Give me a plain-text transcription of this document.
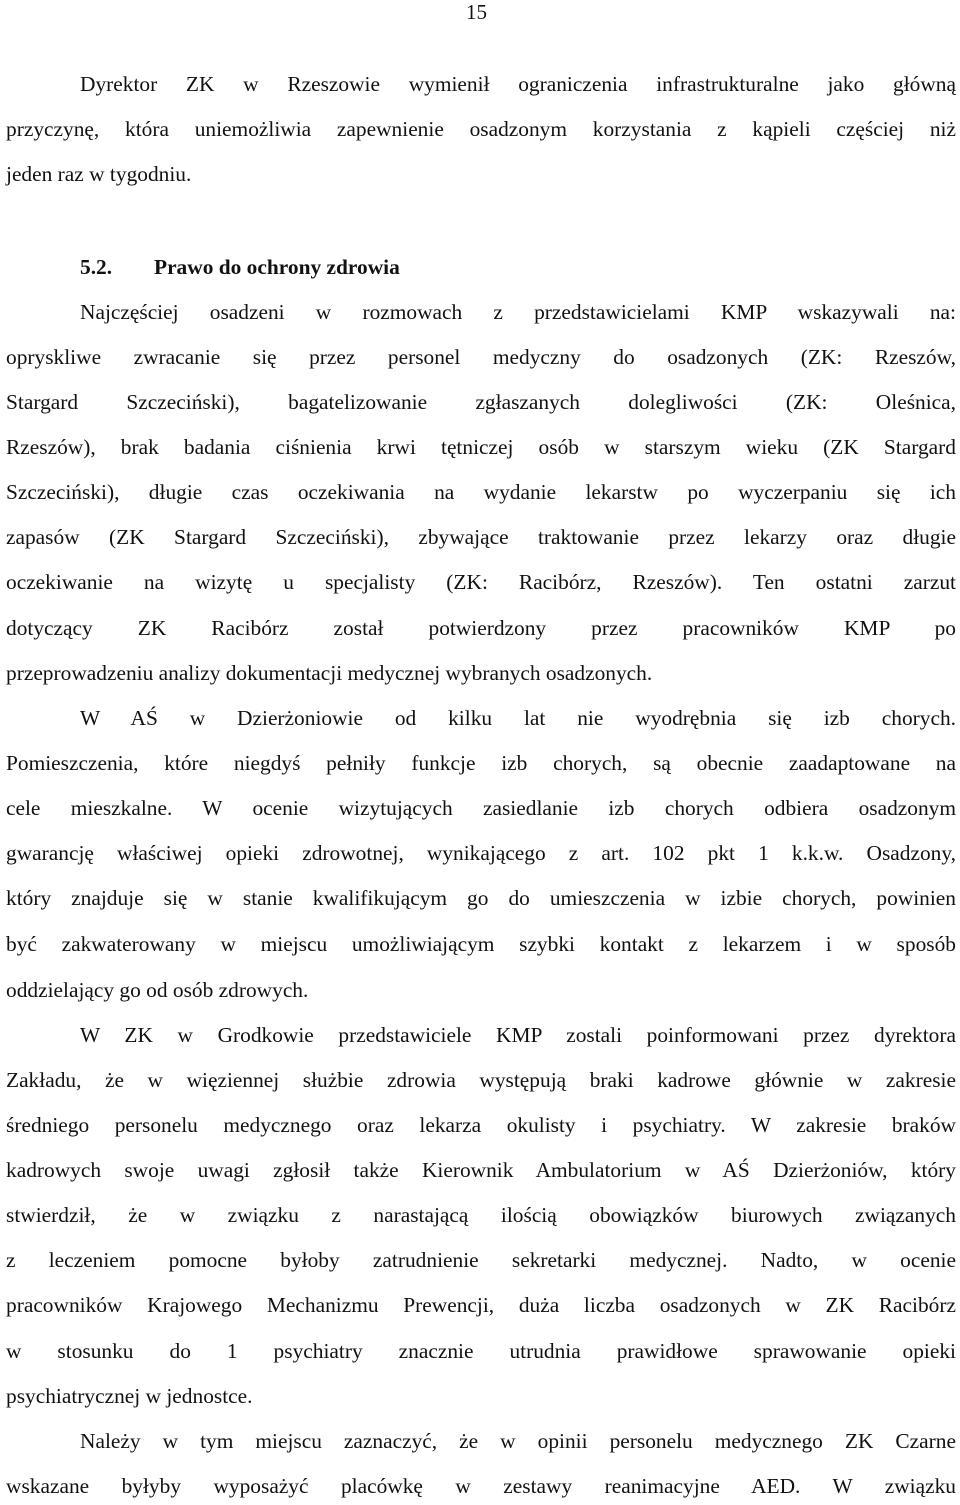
15
Dyrektor ZK w Rzeszowie wymienił ograniczenia infrastrukturalne jako główną
przyczynę, która uniemożliwia zapewnienie osadzonym korzystania z kąpieli częściej niż
jeden raz w tygodniu.
5.2. Prawo do ochrony zdrowia
Najczęściej osadzeni w rozmowach z przedstawicielami KMP wskazywali na:
opryskliwe zwracanie się przez personel medyczny do osadzonych (ZK: Rzeszów,
Stargard Szczeciński), bagatelizowanie zgłaszanych dolegliwości (ZK: Oleśnica,
Rzeszów), brak badania ciśnienia krwi tętniczej osób w starszym wieku (ZK Stargard
Szczeciński), długie czas oczekiwania na wydanie lekarstw po wyczerpaniu się ich
zapasów (ZK Stargard Szczeciński), zbywające traktowanie przez lekarzy oraz długie
oczekiwanie na wizytę u specjalisty (ZK: Racibórz, Rzeszów). Ten ostatni zarzut
dotyczący ZK Racibórz został potwierdzony przez pracowników KMP po
przeprowadzeniu analizy dokumentacji medycznej wybranych osadzonych.
W AŚ w Dzierżoniowie od kilku lat nie wyodrębnia się izb chorych.
Pomieszczenia, które niegdyś pełniły funkcje izb chorych, są obecnie zaadaptowane na
cele mieszkalne. W ocenie wizytujących zasiedlanie izb chorych odbiera osadzonym
gwarancję właściwej opieki zdrowotnej, wynikającego z art. 102 pkt 1 k.k.w. Osadzony,
który znajduje się w stanie kwalifikującym go do umieszczenia w izbie chorych, powinien
być zakwaterowany w miejscu umożliwiającym szybki kontakt z lekarzem i w sposób
oddzielający go od osób zdrowych.
W ZK w Grodkowie przedstawiciele KMP zostali poinformowani przez dyrektora
Zakładu, że w więziennej służbie zdrowia występują braki kadrowe głównie w zakresie
średniego personelu medycznego oraz lekarza okulisty i psychiatry. W zakresie braków
kadrowych swoje uwagi zgłosił także Kierownik Ambulatorium w AŚ Dzierżoniów, który
stwierdził, że w związku z narastającą ilością obowiązków biurowych związanych
z leczeniem pomocne byłoby zatrudnienie sekretarki medycznej. Nadto, w ocenie
pracowników Krajowego Mechanizmu Prewencji, duża liczba osadzonych w ZK Racibórz
w stosunku do 1 psychiatry znacznie utrudnia prawidłowe sprawowanie opieki
psychiatrycznej w jednostce.
Należy w tym miejscu zaznaczyć, że w opinii personelu medycznego ZK Czarne
wskazane byłyby wyposażyć placówkę w zestawy reanimacyjne AED. W związku
